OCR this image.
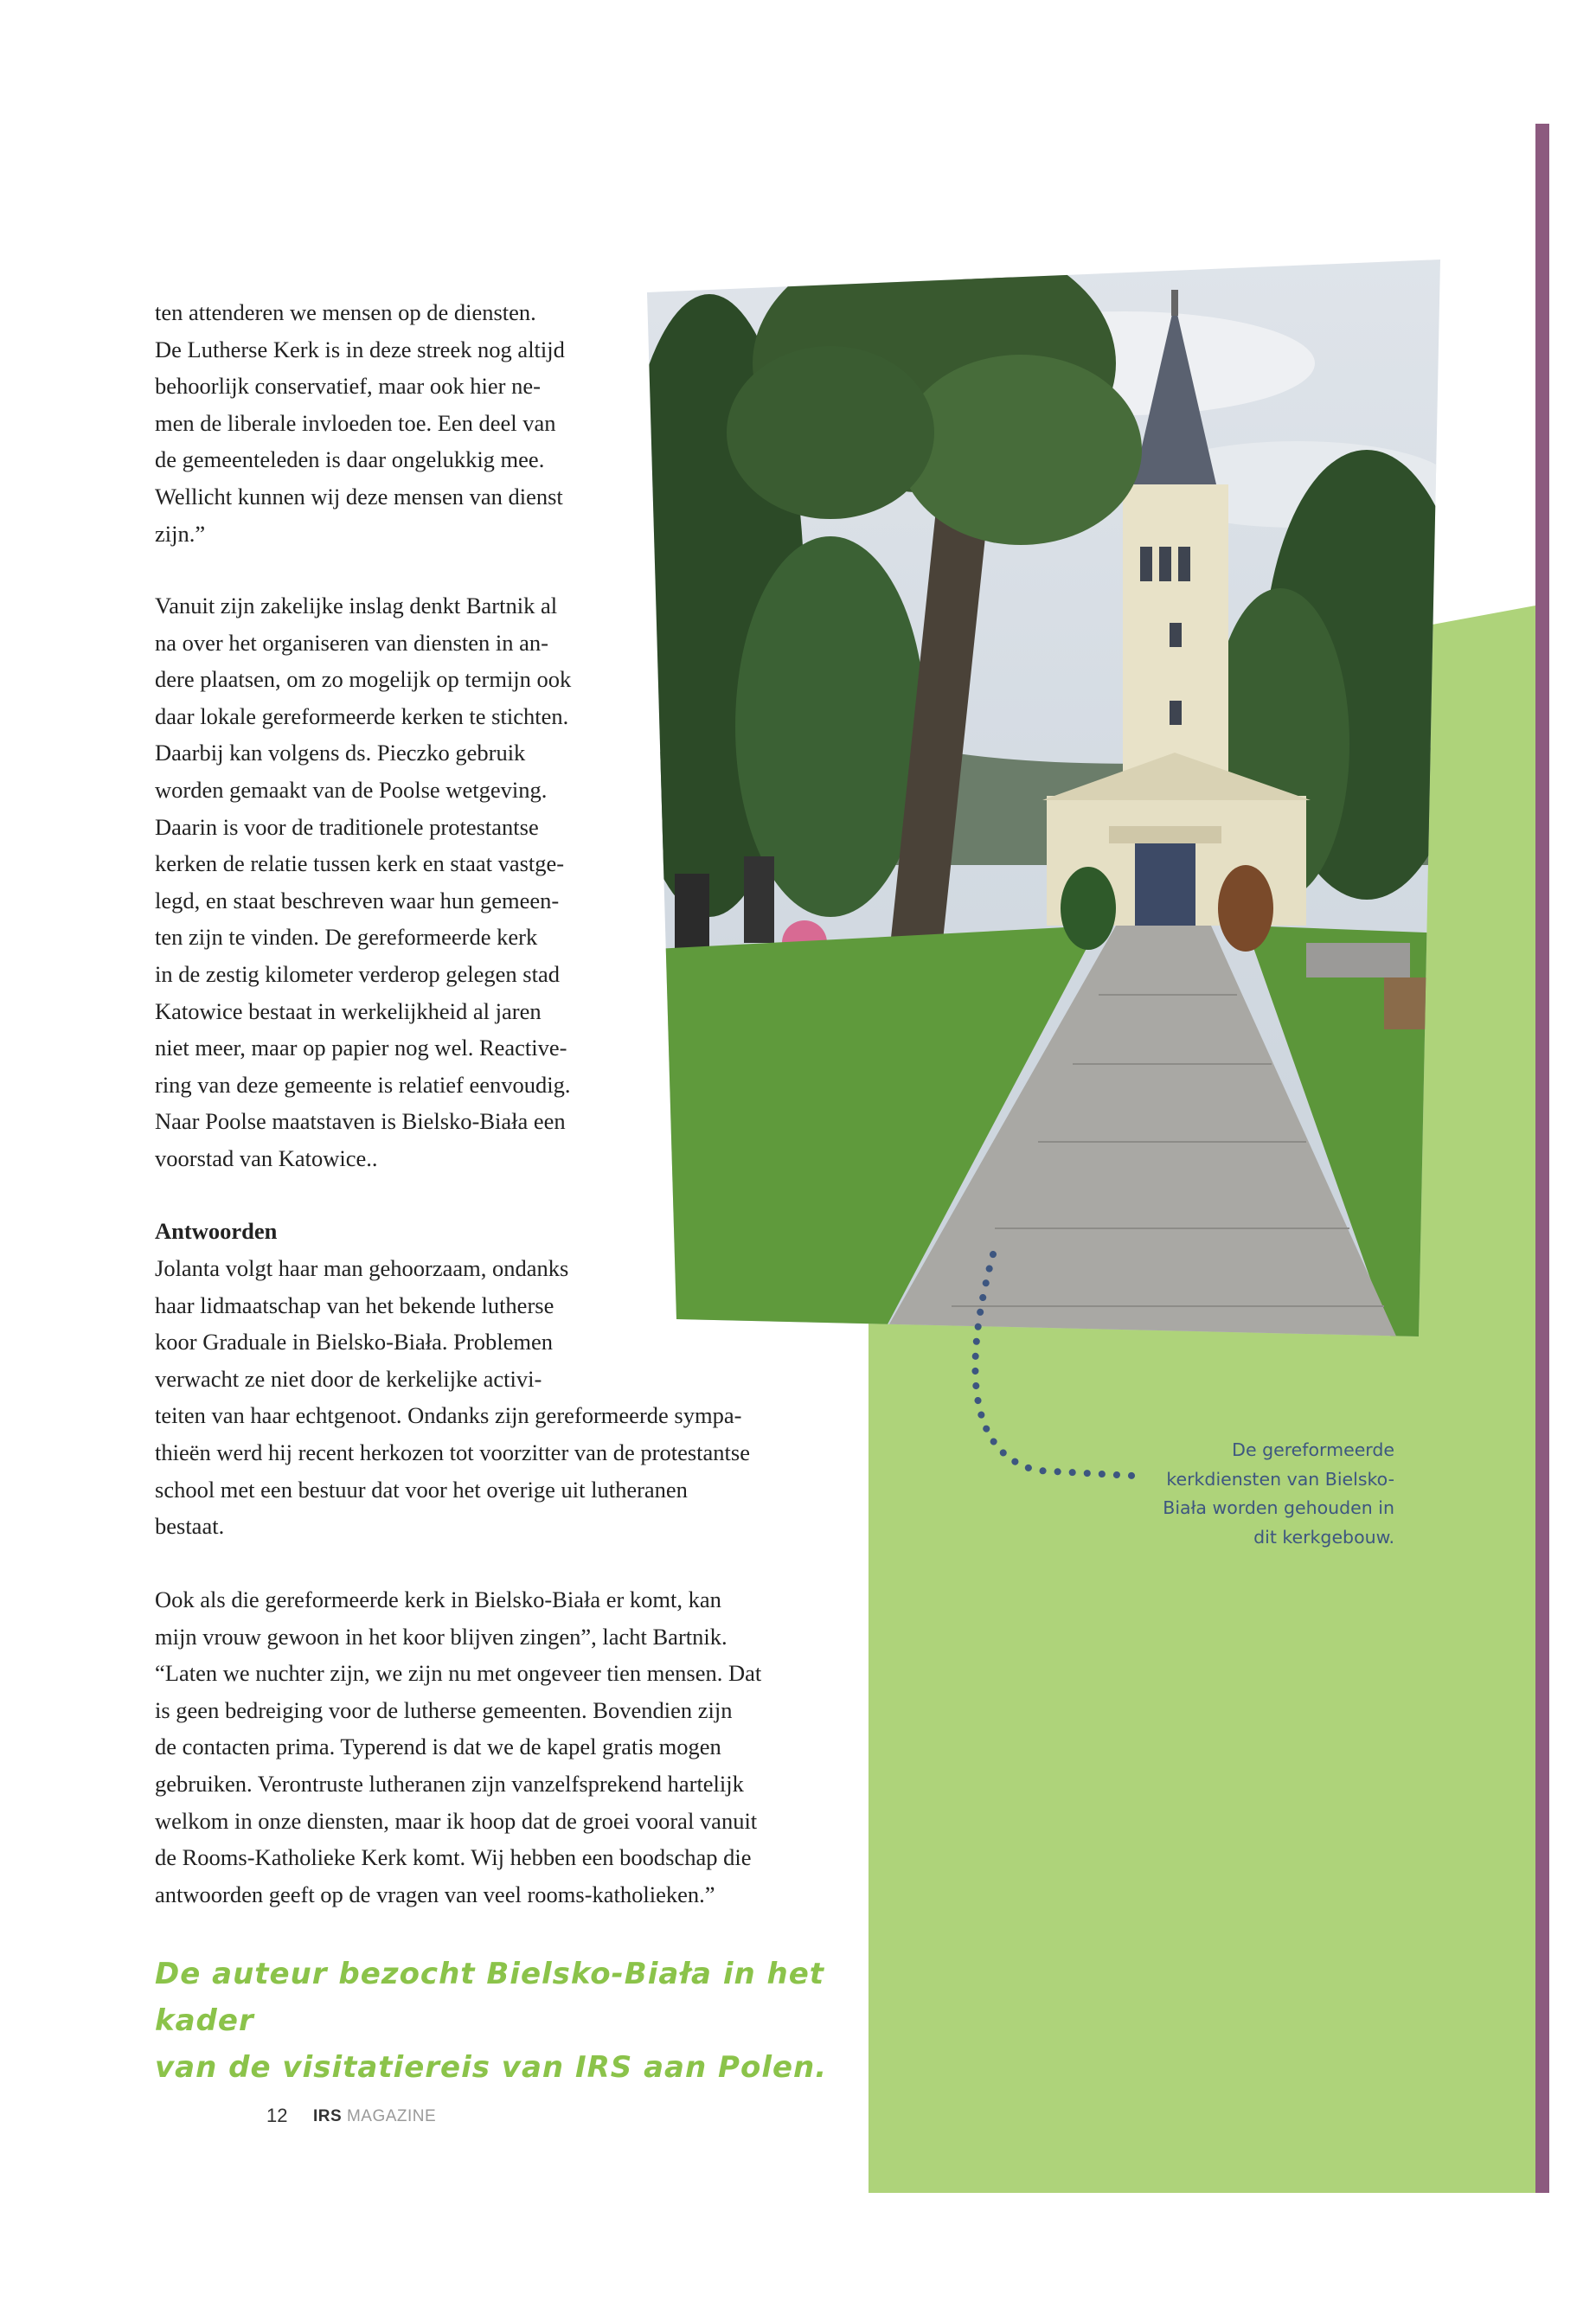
ten attenderen we mensen op de diensten.
De Lutherse Kerk is in deze streek nog altijd
behoorlijk conservatief, maar ook hier ne-
men de liberale invloeden toe. Een deel van
de gemeenteleden is daar ongelukkig mee.
Wellicht kunnen wij deze mensen van dienst
zijn.”
Vanuit zijn zakelijke inslag denkt Bartnik al
na over het organiseren van diensten in an-
dere plaatsen, om zo mogelijk op termijn ook
daar lokale gereformeerde kerken te stichten.
Daarbij kan volgens ds. Pieczko gebruik
worden gemaakt van de Poolse wetgeving.
Daarin is voor de traditionele protestantse
kerken de relatie tussen kerk en staat vastge-
legd, en staat beschreven waar hun gemeen-
ten zijn te vinden. De gereformeerde kerk
in de zestig kilometer verderop gelegen stad
Katowice bestaat in werkelijkheid al jaren
niet meer, maar op papier nog wel. Reactive-
ring van deze gemeente is relatief eenvoudig.
Naar Poolse maatstaven is Bielsko-Biała een
voorstad van Katowice..
Antwoorden
Jolanta volgt haar man gehoorzaam, ondanks
haar lidmaatschap van het bekende lutherse
koor Graduale in Bielsko-Biała. Problemen
verwacht ze niet door de kerkelijke activi-
teiten van haar echtgenoot. Ondanks zijn gereformeerde sympa-
thieën werd hij recent herkozen tot voorzitter van de protestantse
school met een bestuur dat voor het overige uit lutheranen
bestaat.
Ook als die gereformeerde kerk in Bielsko-Biała er komt, kan
mijn vrouw gewoon in het koor blijven zingen”, lacht Bartnik.
“Laten we nuchter zijn, we zijn nu met ongeveer tien mensen. Dat
is geen bedreiging voor de lutherse gemeenten. Bovendien zijn
de contacten prima. Typerend is dat we de kapel gratis mogen
gebruiken. Verontruste lutheranen zijn vanzelfsprekend hartelijk
welkom in onze diensten, maar ik hoop dat de groei vooral vanuit
de Rooms-Katholieke Kerk komt. Wij hebben een boodschap die
antwoorden geeft op de vragen van veel rooms-katholieken.”
De auteur bezocht Bielsko-Biała in het kader
van de visitatiereis van IRS aan Polen.
De gereformeerde
kerkdiensten van Bielsko-
Biała worden gehouden in
dit kerkgebouw.
12 IRS MAGAZINE
